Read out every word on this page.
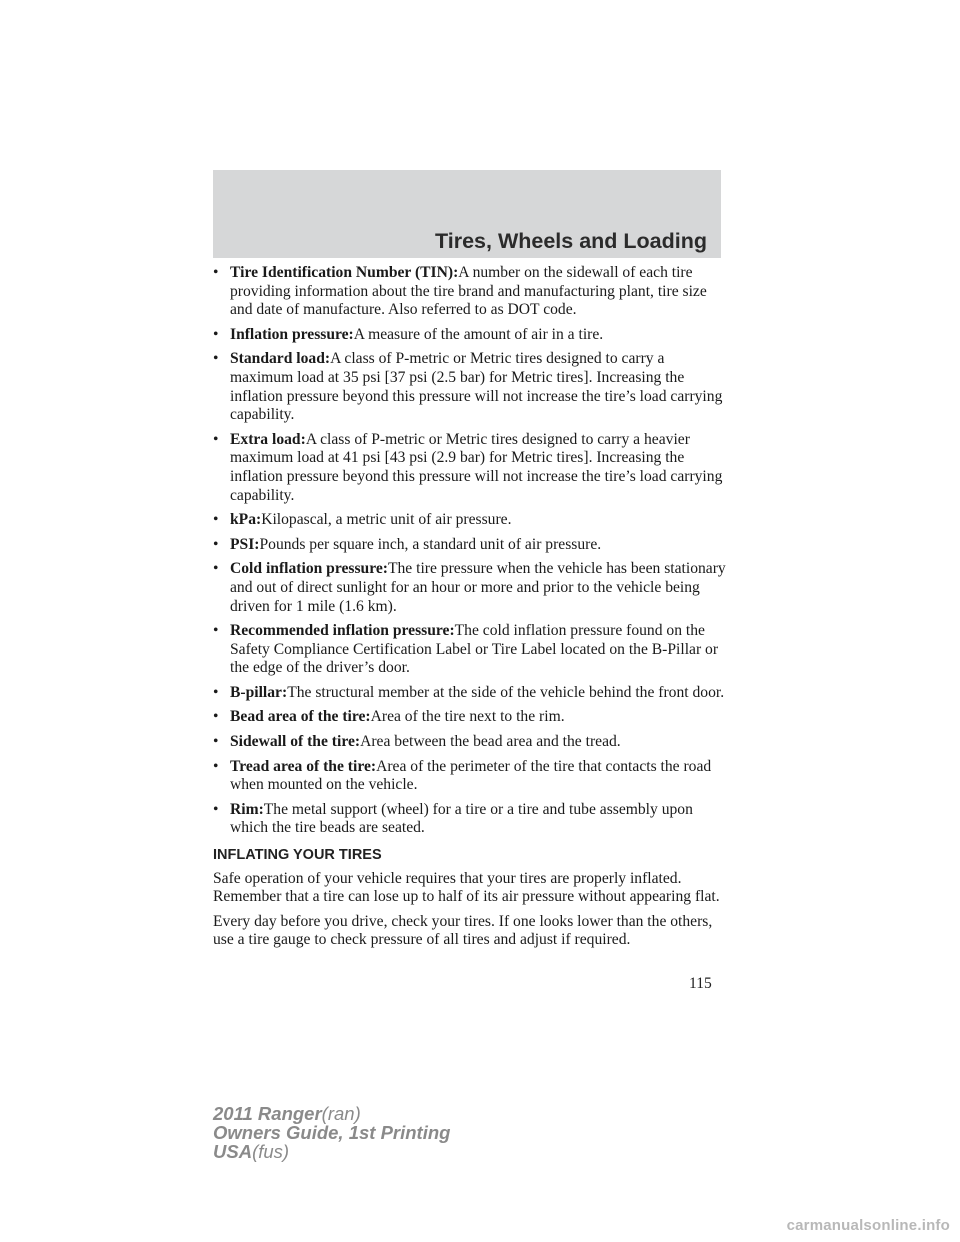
Tires, Wheels and Loading
• Tire Identification Number (TIN):A number on the sidewall of each tire providing information about the tire brand and manufacturing plant, tire size and date of manufacture. Also referred to as DOT code.
• Inflation pressure:A measure of the amount of air in a tire.
• Standard load:A class of P-metric or Metric tires designed to carry a maximum load at 35 psi [37 psi (2.5 bar) for Metric tires]. Increasing the inflation pressure beyond this pressure will not increase the tire’s load carrying capability.
• Extra load:A class of P-metric or Metric tires designed to carry a heavier maximum load at 41 psi [43 psi (2.9 bar) for Metric tires]. Increasing the inflation pressure beyond this pressure will not increase the tire’s load carrying capability.
• kPa:Kilopascal, a metric unit of air pressure.
• PSI:Pounds per square inch, a standard unit of air pressure.
• Cold inflation pressure:The tire pressure when the vehicle has been stationary and out of direct sunlight for an hour or more and prior to the vehicle being driven for 1 mile (1.6 km).
• Recommended inflation pressure:The cold inflation pressure found on the Safety Compliance Certification Label or Tire Label located on the B-Pillar or the edge of the driver’s door.
• B-pillar:The structural member at the side of the vehicle behind the front door.
• Bead area of the tire:Area of the tire next to the rim.
• Sidewall of the tire:Area between the bead area and the tread.
• Tread area of the tire:Area of the perimeter of the tire that contacts the road when mounted on the vehicle.
• Rim:The metal support (wheel) for a tire or a tire and tube assembly upon which the tire beads are seated.
INFLATING YOUR TIRES

Safe operation of your vehicle requires that your tires are properly inflated. Remember that a tire can lose up to half of its air pressure without appearing flat.

Every day before you drive, check your tires. If one looks lower than the others, use a tire gauge to check pressure of all tires and adjust if required.

115
2011 Ranger(ran)
Owners Guide, 1st Printing
USA(fus)
carmanualsonline.info
